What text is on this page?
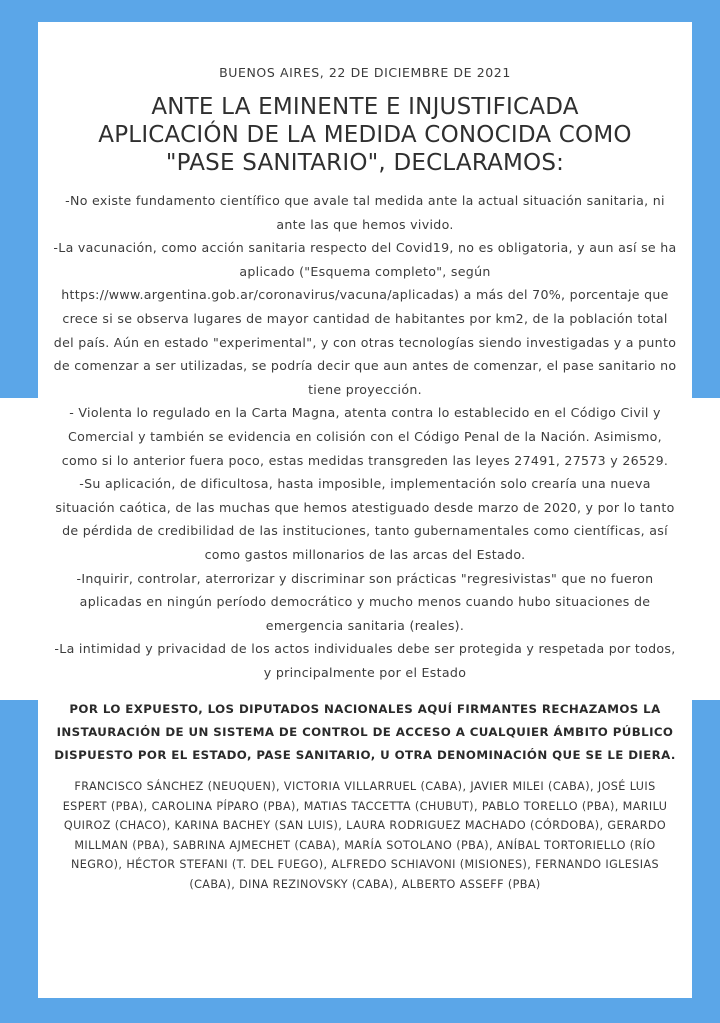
BUENOS AIRES, 22 DE DICIEMBRE DE 2021

ANTE LA EMINENTE E INJUSTIFICADA
APLICACIÓN DE LA MEDIDA CONOCIDA COMO
"PASE SANITARIO", DECLARAMOS:

-No existe fundamento científico que avale tal medida ante la actual situación sanitaria, ni ante las que hemos vivido.

-La vacunación, como acción sanitaria respecto del Covid19, no es obligatoria, y aun así se ha aplicado ("Esquema completo", según https://www.argentina.gob.ar/coronavirus/vacuna/aplicadas) a más del 70%, porcentaje que crece si se observa lugares de mayor cantidad de habitantes por km2, de la población total del país. Aún en estado "experimental", y con otras tecnologías siendo investigadas y a punto de comenzar a ser utilizadas, se podría decir que aun antes de comenzar, el pase sanitario no tiene proyección.

- Violenta lo regulado en la Carta Magna, atenta contra lo establecido en el Código Civil y Comercial y también se evidencia en colisión con el Código Penal de la Nación. Asimismo, como si lo anterior fuera poco, estas medidas transgreden las leyes 27491, 27573 y 26529.

-Su aplicación, de dificultosa, hasta imposible, implementación solo crearía una nueva situación caótica, de las muchas que hemos atestiguado desde marzo de 2020, y por lo tanto de pérdida de credibilidad de las instituciones, tanto gubernamentales como científicas, así como gastos millonarios de las arcas del Estado.

-Inquirir, controlar, aterrorizar y discriminar son prácticas "regresivistas" que no fueron aplicadas en ningún período democrático y mucho menos cuando hubo situaciones de emergencia sanitaria (reales).

-La intimidad y privacidad de los actos individuales debe ser protegida y respetada por todos, y principalmente por el Estado

POR LO EXPUESTO, LOS DIPUTADOS NACIONALES AQUÍ FIRMANTES RECHAZAMOS LA INSTAURACIÓN DE UN SISTEMA DE CONTROL DE ACCESO A CUALQUIER ÁMBITO PÚBLICO DISPUESTO POR EL ESTADO, PASE SANITARIO, U OTRA DENOMINACIÓN QUE SE LE DIERA.

FRANCISCO SÁNCHEZ (NEUQUEN), VICTORIA VILLARRUEL (CABA), JAVIER MILEI (CABA), JOSÉ LUIS ESPERT (PBA), CAROLINA PÍPARO (PBA), MATIAS TACCETTA (CHUBUT), PABLO TORELLO (PBA), MARILU QUIROZ (CHACO), KARINA BACHEY (SAN LUIS), LAURA RODRIGUEZ MACHADO (CÓRDOBA), GERARDO MILLMAN (PBA), SABRINA AJMECHET (CABA), MARÍA SOTOLANO (PBA), ANÍBAL TORTORIELLO (RÍO NEGRO), HÉCTOR STEFANI (T. DEL FUEGO), ALFREDO SCHIAVONI (MISIONES), FERNANDO IGLESIAS (CABA), DINA REZINOVSKY (CABA), ALBERTO ASSEFF (PBA)
